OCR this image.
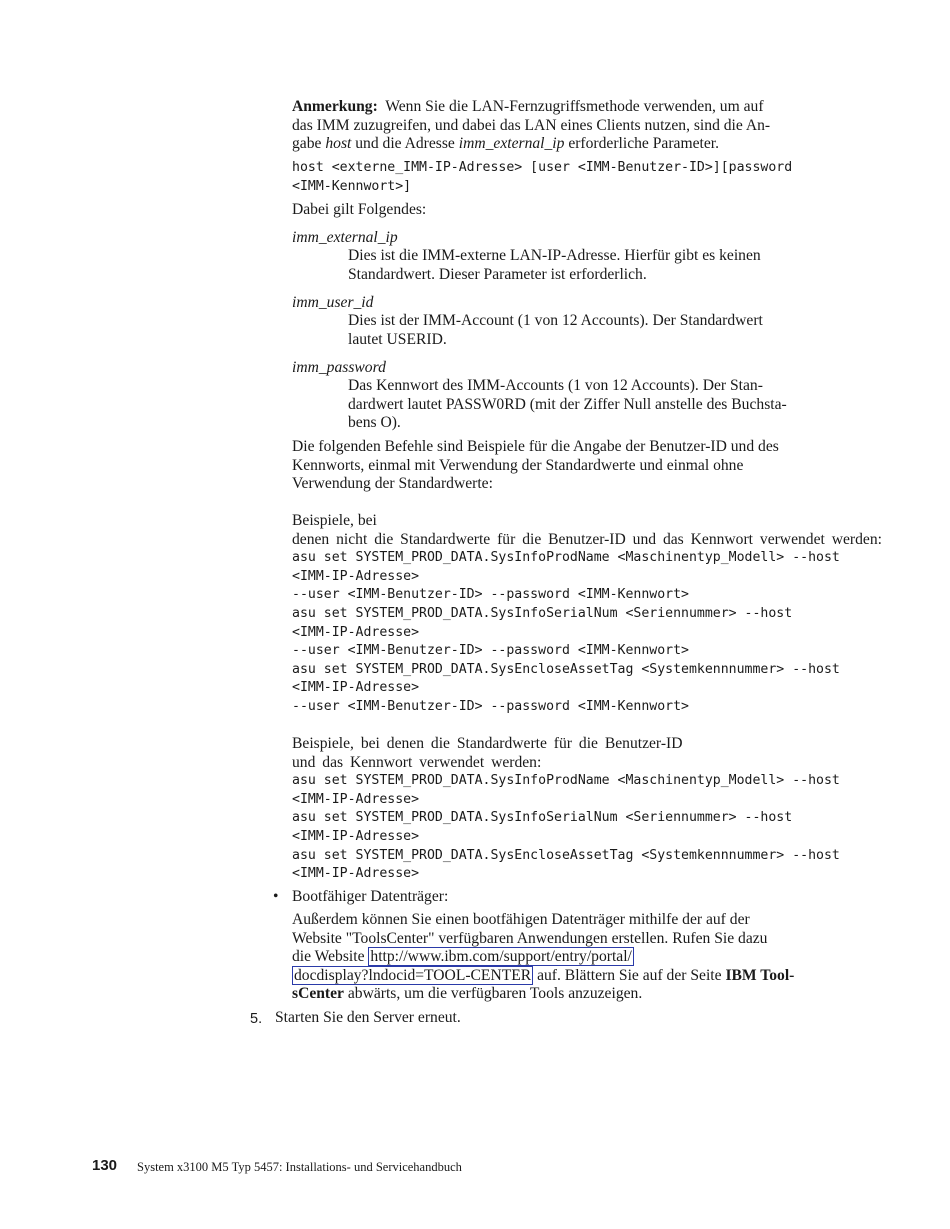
Anmerkung: Wenn Sie die LAN-Fernzugriffsmethode verwenden, um auf

das IMM zuzugreifen, und dabei das LAN eines Clients nutzen, sind die An-

gabe host und die Adresse imm_external_ip erforderliche Parameter.

host <externe_IMM-IP-Adresse> [user <IMM-Benutzer-ID>][password

<IMM-Kennwort>]

Dabei gilt Folgendes:

imm_external_ip
Dies ist die IMM-externe LAN-IP-Adresse. Hierfür gibt es keinen
Standardwert. Dieser Parameter ist erforderlich.
imm_user_id
Dies ist der IMM-Account (1 von 12 Accounts). Der Standardwert
lautet USERID.
imm_password
Das Kennwort des IMM-Accounts (1 von 12 Accounts). Der Stan-
dardwert lautet PASSW0RD (mit der Ziffer Null anstelle des Buchsta-
bens O).

Die folgenden Befehle sind Beispiele für die Angabe der Benutzer-ID und des

Kennworts, einmal mit Verwendung der Standardwerte und einmal ohne

Verwendung der Standardwerte:

Beispiele, bei

denen nicht die Standardwerte für die Benutzer-ID und das Kennwort verwendet werden:

asu set SYSTEM_PROD_DATA.SysInfoProdName <Maschinentyp_Modell> --host

<IMM-IP-Adresse>

--user <IMM-Benutzer-ID> --password <IMM-Kennwort>

asu set SYSTEM_PROD_DATA.SysInfoSerialNum <Seriennummer> --host

<IMM-IP-Adresse>

--user <IMM-Benutzer-ID> --password <IMM-Kennwort>

asu set SYSTEM_PROD_DATA.SysEncloseAssetTag <Systemkennnummer> --host

<IMM-IP-Adresse>

--user <IMM-Benutzer-ID> --password <IMM-Kennwort>

Beispiele, bei denen die Standardwerte für die Benutzer-ID

und das Kennwort verwendet werden:

asu set SYSTEM_PROD_DATA.SysInfoProdName <Maschinentyp_Modell> --host

<IMM-IP-Adresse>

asu set SYSTEM_PROD_DATA.SysInfoSerialNum <Seriennummer> --host

<IMM-IP-Adresse>

asu set SYSTEM_PROD_DATA.SysEncloseAssetTag <Systemkennnummer> --host

<IMM-IP-Adresse>

• Bootfähiger Datenträger:

Außerdem können Sie einen bootfähigen Datenträger mithilfe der auf der

Website "ToolsCenter" verfügbaren Anwendungen erstellen. Rufen Sie dazu

die Website http://www.ibm.com/support/entry/portal/

docdisplay?lndocid=TOOL-CENTER auf. Blättern Sie auf der Seite IBM Tool-

sCenter abwärts, um die verfügbaren Tools anzuzeigen.

5. Starten Sie den Server erneut.
130 System x3100 M5 Typ 5457: Installations- und Servicehandbuch
